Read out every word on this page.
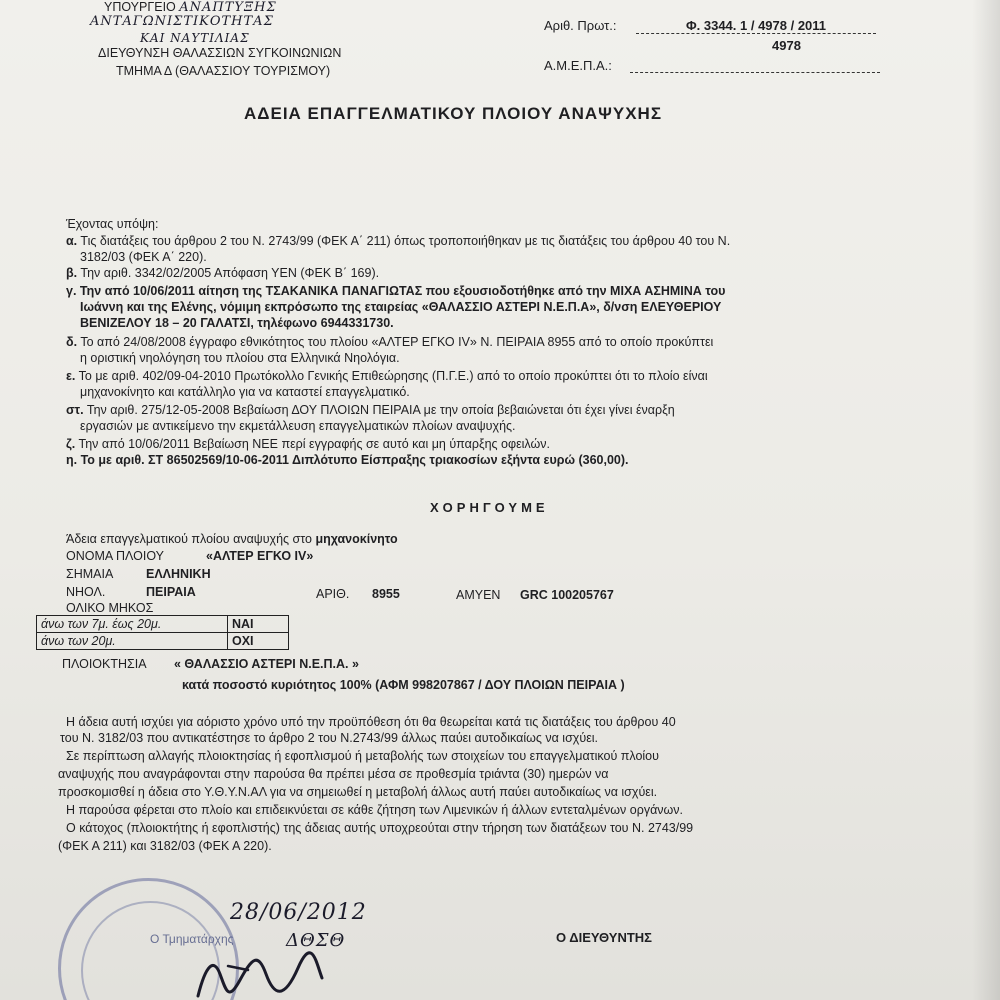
ΥΠΟΥΡΓΕΙΟ ΑΝΑΠΤΥΞΗΣ
ΑΝΤΑΓΩΝΙΣΤΙΚΟΤΗΤΑΣ
ΚΑΙ ΝΑΥΤΙΛΙΑΣ
ΔΙΕΥΘΥΝΣΗ ΘΑΛΑΣΣΙΩΝ ΣΥΓΚΟΙΝΩΝΙΩΝ
ΤΜΗΜΑ Δ (ΘΑΛΑΣΣΙΟΥ ΤΟΥΡΙΣΜΟΥ)
Αριθ. Πρωτ.:	Φ. 3344. 1 / 4978 / 2011
4978
Α.Μ.Ε.Π.Α.:
ΑΔΕΙΑ ΕΠΑΓΓΕΛΜΑΤΙΚΟΥ ΠΛΟΙΟΥ ΑΝΑΨΥΧΗΣ
Έχοντας υπόψη:
α. Τις διατάξεις του άρθρου 2 του Ν. 2743/99 (ΦΕΚ Α΄ 211) όπως τροποποιήθηκαν με τις διατάξεις του άρθρου 40 του Ν.
3182/03 (ΦΕΚ Α΄ 220).
β. Την αριθ. 3342/02/2005 Απόφαση ΥΕΝ (ΦΕΚ Β΄ 169).
γ. Την από 10/06/2011 αίτηση της ΤΣΑΚΑΝΙΚΑ ΠΑΝΑΓΙΩΤΑΣ που εξουσιοδοτήθηκε από την ΜΙΧΑ ΑΣΗΜΙΝΑ του
Ιωάννη και της Ελένης, νόμιμη εκπρόσωπο της εταιρείας «ΘΑΛΑΣΣΙΟ ΑΣΤΕΡΙ Ν.Ε.Π.Α», δ/νση ΕΛΕΥΘΕΡΙΟΥ
ΒΕΝΙΖΕΛΟΥ 18 – 20 ΓΑΛΑΤΣΙ, τηλέφωνο 6944331730.
δ. Το από 24/08/2008 έγγραφο εθνικότητος του πλοίου «ΑΛΤΕΡ ΕΓΚΟ IV» Ν. ΠΕΙΡΑΙΑ 8955 από το οποίο προκύπτει
η οριστική νηολόγηση του πλοίου στα Ελληνικά Νηολόγια.
ε. Το με αριθ. 402/09-04-2010 Πρωτόκολλο Γενικής Επιθεώρησης (Π.Γ.Ε.) από το οποίο προκύπτει ότι το πλοίο είναι
μηχανοκίνητο και κατάλληλο για να καταστεί επαγγελματικό.
στ. Την αριθ. 275/12-05-2008 Βεβαίωση ΔΟΥ ΠΛΟΙΩΝ ΠΕΙΡΑΙΑ με την οποία βεβαιώνεται ότι έχει γίνει έναρξη
εργασιών με αντικείμενο την εκμετάλλευση επαγγελματικών πλοίων αναψυχής.
ζ. Την από 10/06/2011 Βεβαίωση ΝΕΕ περί εγγραφής σε αυτό και μη ύπαρξης οφειλών.
η. Το με αριθ. ΣΤ 86502569/10-06-2011 Διπλότυπο Είσπραξης τριακοσίων εξήντα ευρώ (360,00).
ΧΟΡΗΓΟΥΜΕ
Άδεια επαγγελματικού πλοίου αναψυχής στο μηχανοκίνητο
ΟΝΟΜΑ ΠΛΟΙΟΥ	«ΑΛΤΕΡ ΕΓΚΟ IV»
ΣΗΜΑΙΑ	ΕΛΛΗΝΙΚΗ
ΝΗΟΛ.	ΠΕΙΡΑΙΑ	ΑΡΙΘ. 8955	ΑΜΥΕΝ GRC 100205767
ΟΛΙΚΟ ΜΗΚΟΣ
άνω των 7μ. έως 20μ.	ΝΑΙ
άνω των 20μ.	ΟΧΙ
ΠΛΟΙΟΚΤΗΣΙΑ « ΘΑΛΑΣΣΙΟ ΑΣΤΕΡΙ Ν.Ε.Π.Α. »
κατά ποσοστό κυριότητος 100% (ΑΦΜ 998207867 / ΔΟΥ ΠΛΟΙΩΝ ΠΕΙΡΑΙΑ )
Η άδεια αυτή ισχύει για αόριστο χρόνο υπό την προϋπόθεση ότι θα θεωρείται κατά τις διατάξεις του άρθρου 40
του Ν. 3182/03 που αντικατέστησε το άρθρο 2 του Ν.2743/99 άλλως παύει αυτοδικαίως να ισχύει.
Σε περίπτωση αλλαγής πλοιοκτησίας ή εφοπλισμού ή μεταβολής των στοιχείων του επαγγελματικού πλοίου
αναψυχής που αναγράφονται στην παρούσα θα πρέπει μέσα σε προθεσμία τριάντα (30) ημερών να
προσκομισθεί η άδεια στο Υ.Θ.Υ.Ν.ΑΛ για να σημειωθεί η μεταβολή άλλως αυτή παύει αυτοδικαίως να ισχύει.
Η παρούσα φέρεται στο πλοίο και επιδεικνύεται σε κάθε ζήτηση των Λιμενικών ή άλλων εντεταλμένων οργάνων.
Ο κάτοχος (πλοιοκτήτης ή εφοπλιστής) της άδειας αυτής υποχρεούται στην τήρηση των διατάξεων του Ν. 2743/99
(ΦΕΚ Α 211) και 3182/03 (ΦΕΚ Α 220).
28/06/2012
Ο Τμηματάρχης	ΔΘΣΘ	Ο ΔΙΕΥΘΥΝΤΗΣ
